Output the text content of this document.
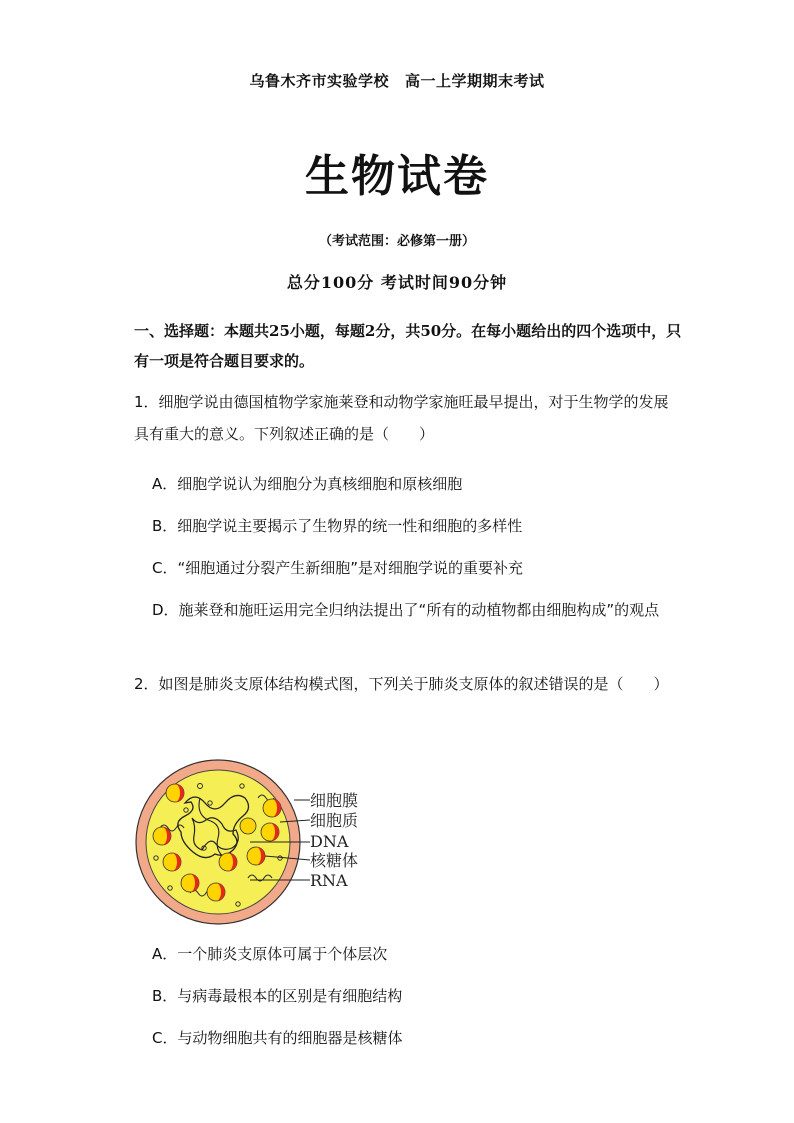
乌鲁木齐市实验学校 高一上学期期末考试
生物试卷
（考试范围：必修第一册）
总分100分 考试时间90分钟
一、选择题：本题共25小题，每题2分，共50分。在每小题给出的四个选项中，只有一项是符合题目要求的。
1．细胞学说由德国植物学家施莱登和动物学家施旺最早提出，对于生物学的发展具有重大的意义。下列叙述正确的是（　　）
A．细胞学说认为细胞分为真核细胞和原核细胞
B．细胞学说主要揭示了生物界的统一性和细胞的多样性
C．“细胞通过分裂产生新细胞”是对细胞学说的重要补充
D．施莱登和施旺运用完全归纳法提出了“所有的动植物都由细胞构成”的观点
2．如图是肺炎支原体结构模式图，下列关于肺炎支原体的叙述错误的是（　　）
细胞膜
细胞质
DNA
核糖体
RNA
A．一个肺炎支原体可属于个体层次
B．与病毒最根本的区别是有细胞结构
C．与动物细胞共有的细胞器是核糖体
